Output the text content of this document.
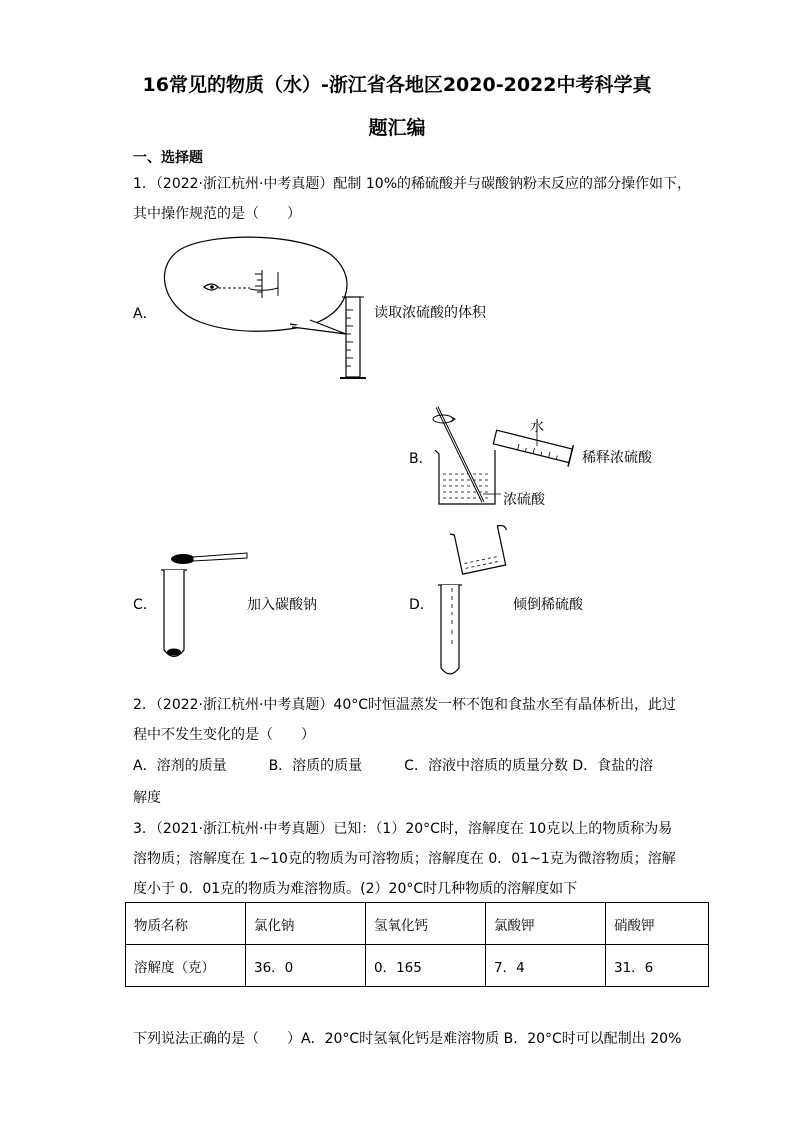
16常见的物质（水）-浙江省各地区2020-2022中考科学真
题汇编
一、选择题
1．（2022·浙江杭州·中考真题）配制 10%的稀硫酸并与碳酸钠粉末反应的部分操作如下，
其中操作规范的是（　　）
A．	读取浓硫酸的体积
B．
水
稀释浓硫酸
浓硫酸
C．	加入碳酸钠	D．	倾倒稀硫酸
2．（2022·浙江杭州·中考真题）40°C时恒温蒸发一杯不饱和食盐水至有晶体析出，此过
程中不发生变化的是（　　）
A．溶剂的质量　　　B．溶质的质量　　　C．溶液中溶质的质量分数 D．食盐的溶
解度
3．（2021·浙江杭州·中考真题）已知：（1）20°C时，溶解度在 10克以上的物质称为易
溶物质；溶解度在 1~10克的物质为可溶物质；溶解度在 0．01~1克为微溶物质；溶解
度小于 0．01克的物质为难溶物质。(2）20°C时几种物质的溶解度如下
物质名称	氯化钠	氢氧化钙	氯酸钾	硝酸钾
溶解度（克）	36．0	0．165	7．4	31．6
下列说法正确的是（　　）A．20°C时氢氧化钙是难溶物质 B．20°C时可以配制出 20%
